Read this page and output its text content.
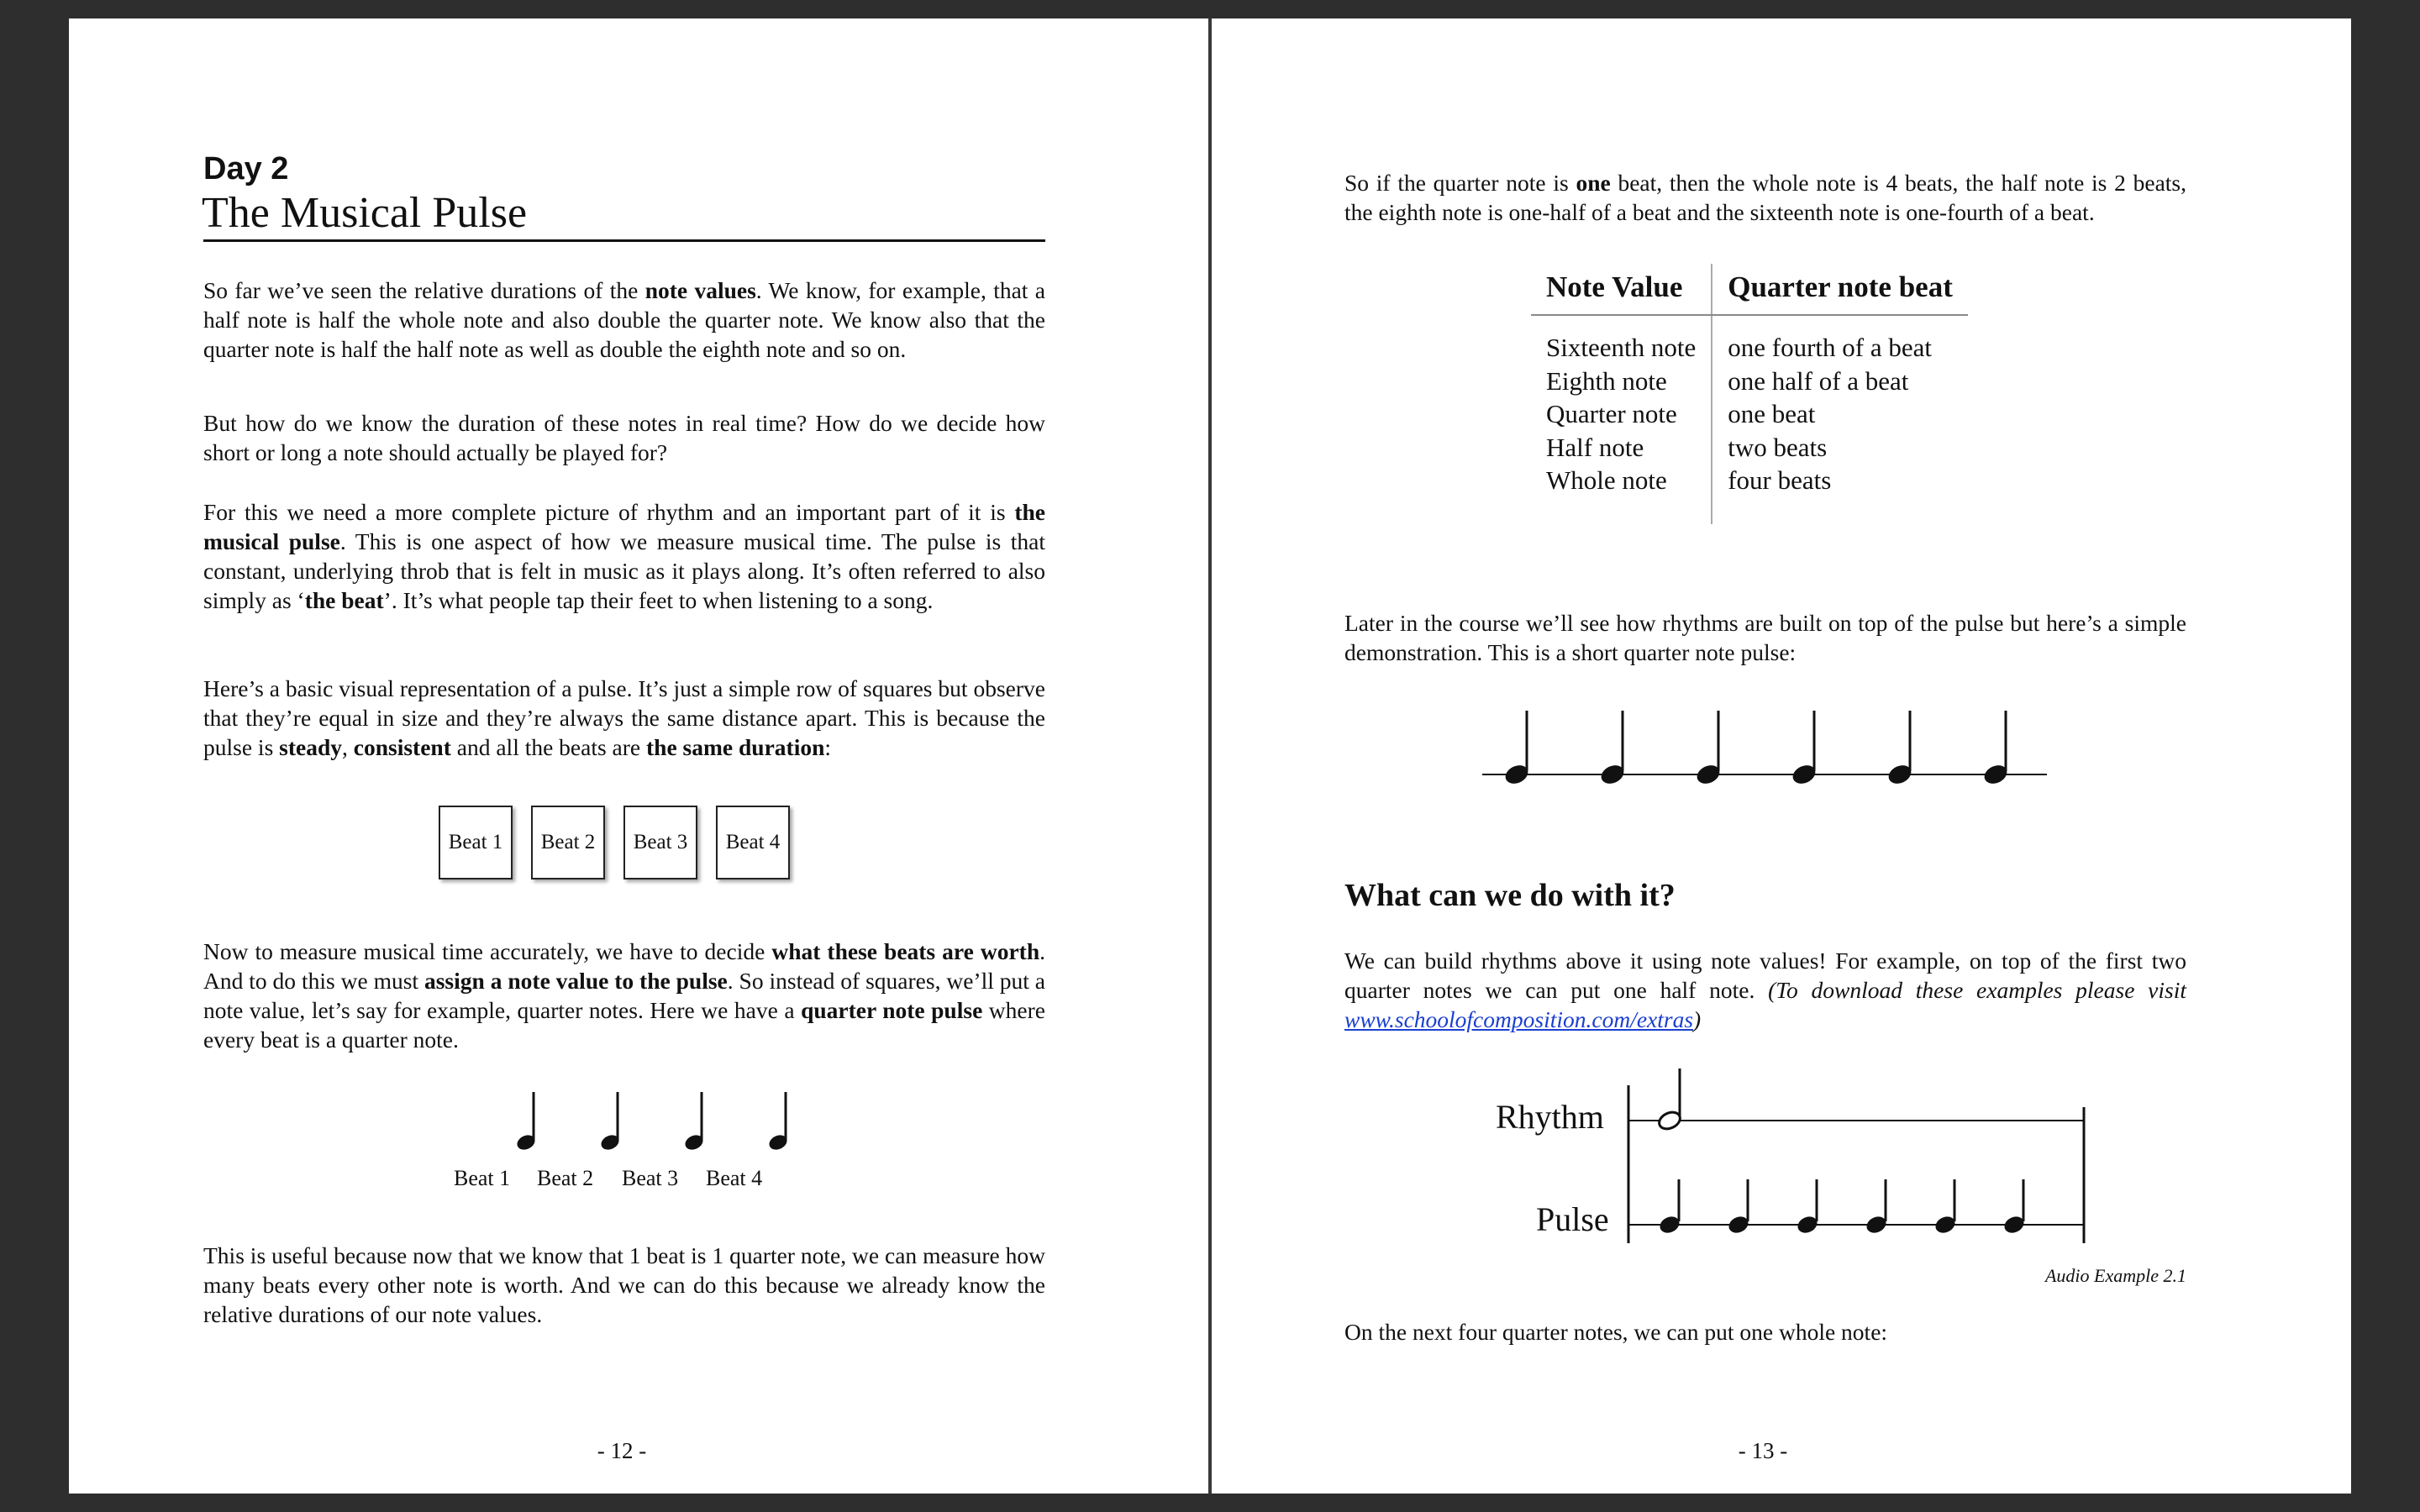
Day 2
The Musical Pulse

So far we’ve seen the relative durations of the note values. We know, for example, that a half note is half the whole note and also double the quarter note. We know also that the quarter note is half the half note as well as double the eighth note and so on.

But how do we know the duration of these notes in real time? How do we decide how short or long a note should actually be played for?

For this we need a more complete picture of rhythm and an important part of it is the musical pulse. This is one aspect of how we measure musical time. The pulse is that constant, underlying throb that is felt in music as it plays along. It’s often referred to also simply as ‘the beat’. It’s what people tap their feet to when listening to a song.

Here’s a basic visual representation of a pulse. It’s just a simple row of squares but observe that they’re equal in size and they’re always the same distance apart. This is because the pulse is steady, consistent and all the beats are the same duration:

Beat 1	Beat 2	Beat 3	Beat 4

Now to measure musical time accurately, we have to decide what these beats are worth. And to do this we must assign a note value to the pulse. So instead of squares, we’ll put a note value, let’s say for example, quarter notes. Here we have a quarter note pulse where every beat is a quarter note.

Beat 1 Beat 2 Beat 3 Beat 4

This is useful because now that we know that 1 beat is 1 quarter note, we can measure how many beats every other note is worth. And we can do this because we already know the relative durations of our note values.

- 12 -

So if the quarter note is one beat, then the whole note is 4 beats, the half note is 2 beats, the eighth note is one-half of a beat and the sixteenth note is one-fourth of a beat.

Note Value	Quarter note beat

Sixteenth note	one fourth of a beat
Eighth note	one half of a beat
Quarter note	one beat
Half note	two beats
Whole note	four beats

Later in the course we’ll see how rhythms are built on top of the pulse but here’s a simple demonstration. This is a short quarter note pulse:

What can we do with it?

We can build rhythms above it using note values! For example, on top of the first two quarter notes we can put one half note. (To download these examples please visit www.schoolofcomposition.com/extras)

Rhythm
Pulse
Audio Example 2.1

On the next four quarter notes, we can put one whole note:

- 13 -
